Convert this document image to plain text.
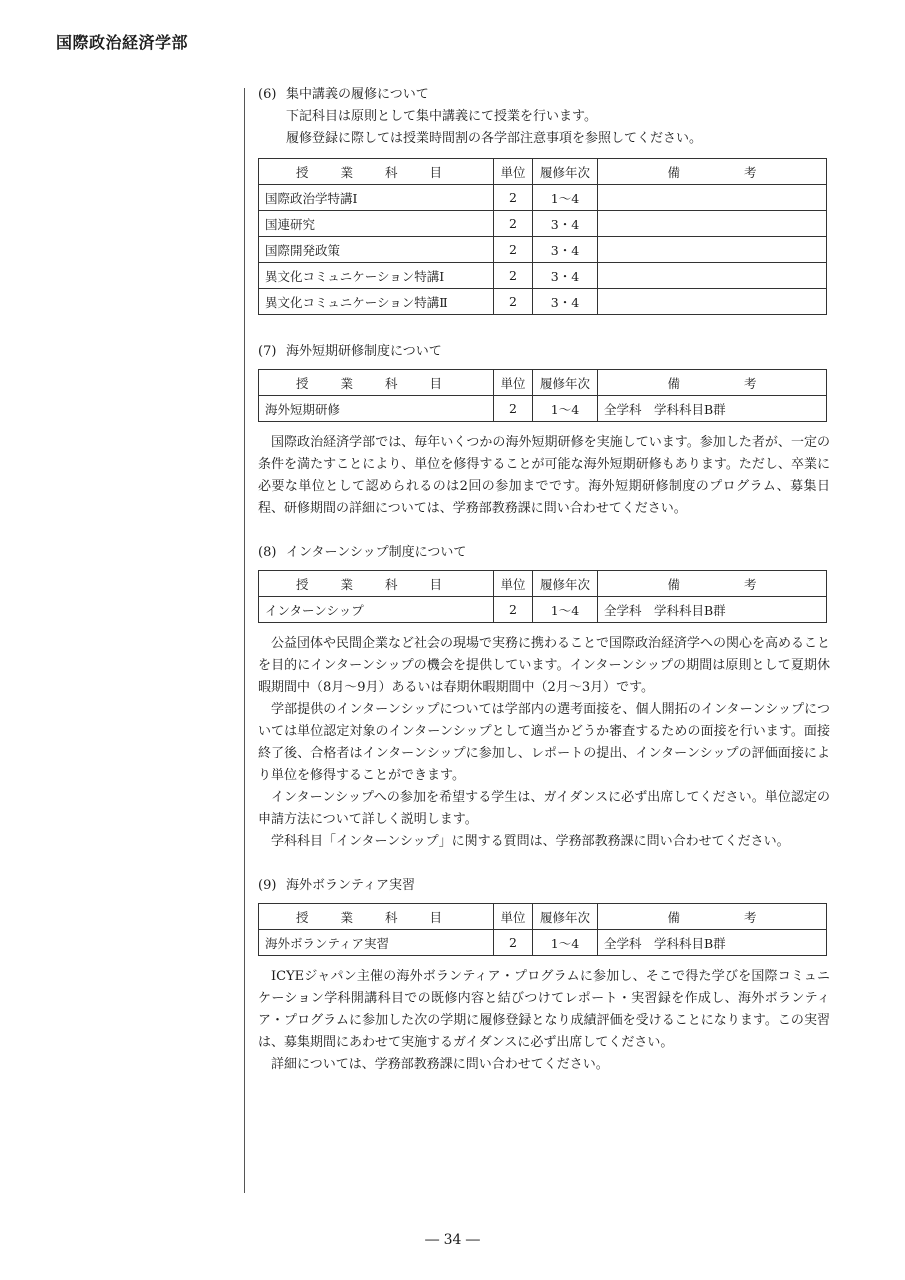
国際政治経済学部
(6) 集中講義の履修について
下記科目は原則として集中講義にて授業を行います。
履修登録に際しては授業時間割の各学部注意事項を参照してください。
授 業 科 目	単位	履修年次	備 考
国際政治学特講Ⅰ	2	1〜4	
国連研究	2	3・4	
国際開発政策	2	3・4	
異文化コミュニケーション特講Ⅰ	2	3・4	
異文化コミュニケーション特講Ⅱ	2	3・4	
(7) 海外短期研修制度について
授 業 科 目	単位	履修年次	備 考
海外短期研修	2	1〜4	全学科　学科科目B群
国際政治経済学部では、毎年いくつかの海外短期研修を実施しています。参加した者が、一定の条件を満たすことにより、単位を修得することが可能な海外短期研修もあります。ただし、卒業に必要な単位として認められるのは2回の参加までです。海外短期研修制度のプログラム、募集日程、研修期間の詳細については、学務部教務課に問い合わせてください。
(8) インターンシップ制度について
授 業 科 目	単位	履修年次	備 考
インターンシップ	2	1〜4	全学科　学科科目B群
公益団体や民間企業など社会の現場で実務に携わることで国際政治経済学への関心を高めることを目的にインターンシップの機会を提供しています。インターンシップの期間は原則として夏期休暇期間中（8月〜9月）あるいは春期休暇期間中（2月〜3月）です。
学部提供のインターンシップについては学部内の選考面接を、個人開拓のインターンシップについては単位認定対象のインターンシップとして適当かどうか審査するための面接を行います。面接終了後、合格者はインターンシップに参加し、レポートの提出、インターンシップの評価面接により単位を修得することができます。
インターンシップへの参加を希望する学生は、ガイダンスに必ず出席してください。単位認定の申請方法について詳しく説明します。
学科科目「インターンシップ」に関する質問は、学務部教務課に問い合わせてください。
(9) 海外ボランティア実習
授 業 科 目	単位	履修年次	備 考
海外ボランティア実習	2	1〜4	全学科　学科科目B群
ICYEジャパン主催の海外ボランティア・プログラムに参加し、そこで得た学びを国際コミュニケーション学科開講科目での既修内容と結びつけてレポート・実習録を作成し、海外ボランティア・プログラムに参加した次の学期に履修登録となり成績評価を受けることになります。この実習は、募集期間にあわせて実施するガイダンスに必ず出席してください。
詳細については、学務部教務課に問い合わせてください。
― 34 ―
